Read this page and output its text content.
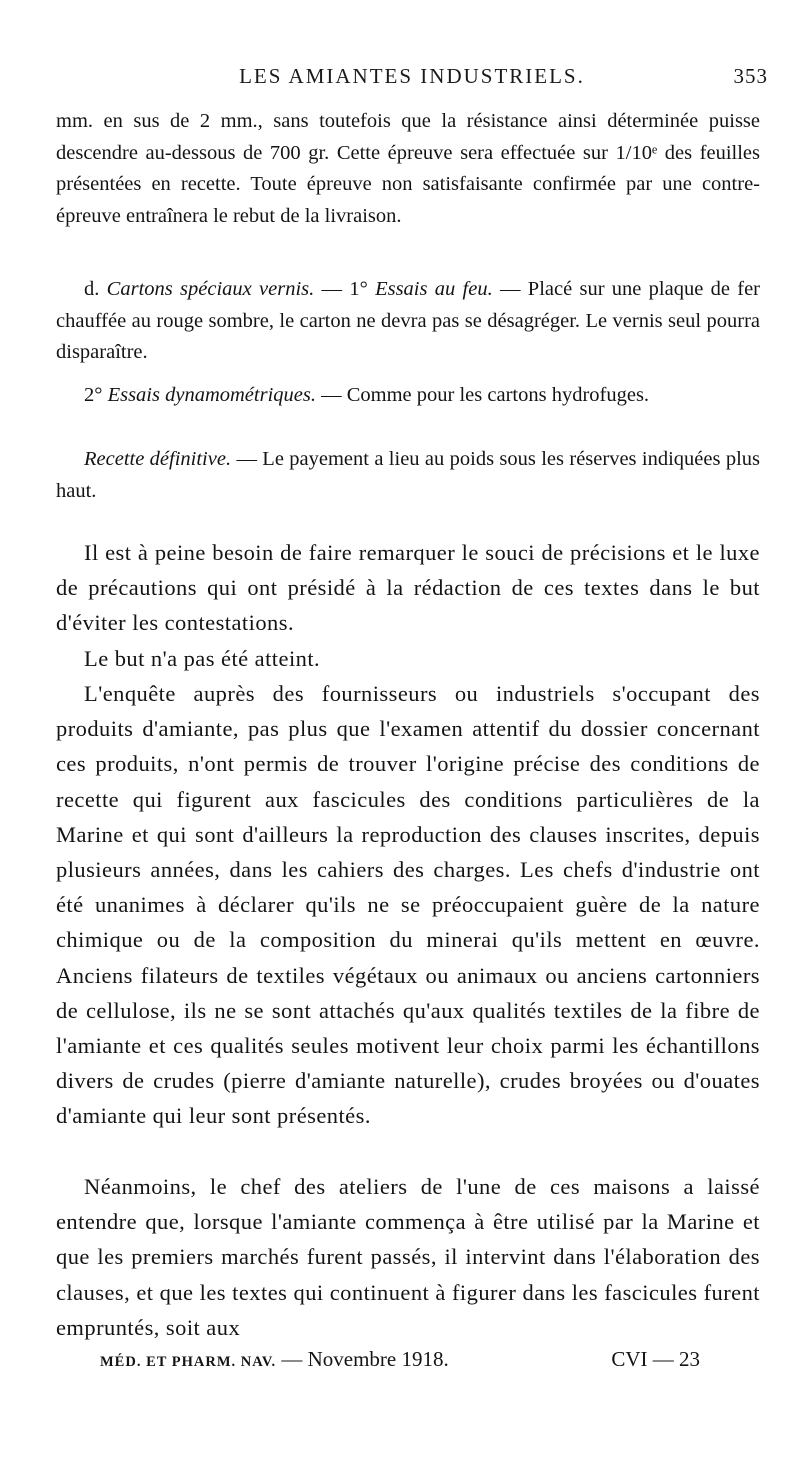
LES AMIANTES INDUSTRIELS.	353

mm. en sus de 2 mm., sans toutefois que la résistance ainsi déterminée puisse descendre au-dessous de 700 gr. Cette épreuve sera effectuée sur 1/10ᵉ des feuilles présentées en recette. Toute épreuve non satisfaisante confirmée par une contre-épreuve entraînera le rebut de la livraison.

d. Cartons spéciaux vernis. — 1° Essais au feu. — Placé sur une plaque de fer chauffée au rouge sombre, le carton ne devra pas se désagréger. Le vernis seul pourra disparaître.

2° Essais dynamométriques. — Comme pour les cartons hydrofuges.

Recette définitive. — Le payement a lieu au poids sous les réserves indiquées plus haut.

Il est à peine besoin de faire remarquer le souci de précisions et le luxe de précautions qui ont présidé à la rédaction de ces textes dans le but d'éviter les contestations.

Le but n'a pas été atteint.

L'enquête auprès des fournisseurs ou industriels s'occupant des produits d'amiante, pas plus que l'examen attentif du dossier concernant ces produits, n'ont permis de trouver l'origine précise des conditions de recette qui figurent aux fascicules des conditions particulières de la Marine et qui sont d'ailleurs la reproduction des clauses inscrites, depuis plusieurs années, dans les cahiers des charges. Les chefs d'industrie ont été unanimes à déclarer qu'ils ne se préoccupaient guère de la nature chimique ou de la composition du minerai qu'ils mettent en œuvre. Anciens filateurs de textiles végétaux ou animaux ou anciens cartonniers de cellulose, ils ne se sont attachés qu'aux qualités textiles de la fibre de l'amiante et ces qualités seules motivent leur choix parmi les échantillons divers de crudes (pierre d'amiante naturelle), crudes broyées ou d'ouates d'amiante qui leur sont présentés.

Néanmoins, le chef des ateliers de l'une de ces maisons a laissé entendre que, lorsque l'amiante commença à être utilisé par la Marine et que les premiers marchés furent passés, il intervint dans l'élaboration des clauses, et que les textes qui continuent à figurer dans les fascicules furent empruntés, soit aux

MÉD. ET PHARM. NAV. — Novembre 1918.	CVI — 23
